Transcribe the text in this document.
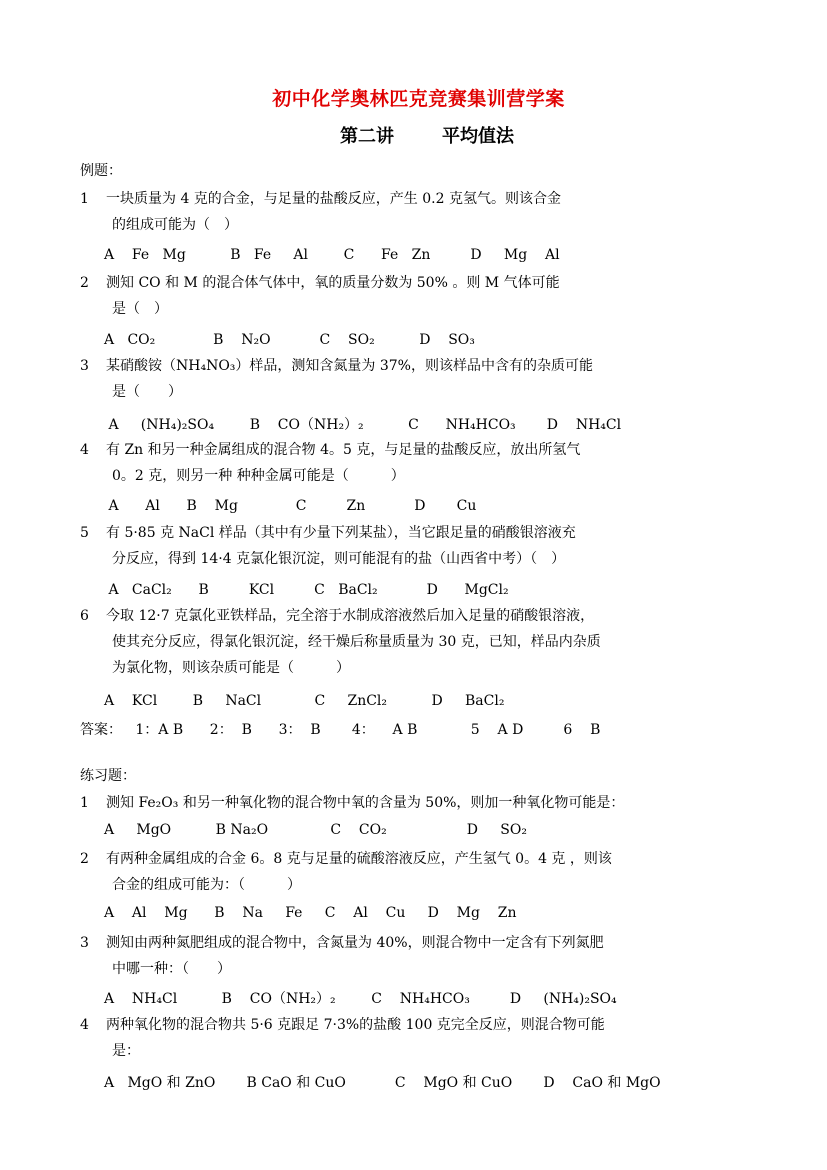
初中化学奥林匹克竞赛集训营学案
第二讲	平均值法
例题：
1 一块质量为 4 克的合金，与足量的盐酸反应，产生 0.2 克氢气。则该合金
的组成可能为（　）
A    Fe   Mg          B   Fe     Al        C      Fe   Zn         D     Mg    Al
2 测知 CO 和 M 的混合体气体中，氧的质量分数为 50% 。则 M 气体可能
是（　）
A   CO₂             B    N₂O           C    SO₂          D    SO₃
3 某硝酸铵（NH₄NO₃）样品，测知含氮量为 37%，则该样品中含有的杂质可能
是（　　）
A     (NH₄)₂SO₄        B    CO（NH₂）₂          C      NH₄HCO₃       D    NH₄Cl
4 有 Zn 和另一种金属组成的混合物 4。5 克，与足量的盐酸反应，放出所氢气
0。2 克，则另一种 种种金属可能是（　　　）
A      Al      B    Mg             C         Zn           D       Cu
5 有 5·85 克 NaCl 样品（其中有少量下列某盐），当它跟足量的硝酸银溶液充
分反应，得到 14·4 克氯化银沉淀，则可能混有的盐（山西省中考）（　）
A   CaCl₂      B         KCl         C   BaCl₂           D      MgCl₂
6 今取 12·7 克氯化亚铁样品，完全溶于水制成溶液然后加入足量的硝酸银溶液，
使其充分反应，得氯化银沉淀，经干燥后称量质量为 30 克，已知，样品内杂质
为氯化物，则该杂质可能是（　　　）
A    KCl        B     NaCl            C     ZnCl₂          D     BaCl₂
答案：   1：A B      2：  B      3：  B       4：    A B            5    A D         6    B
练习题：
1 测知 Fe₂O₃ 和另一种氧化物的混合物中氧的含量为 50%，则加一种氧化物可能是：
A     MgO          B Na₂O              C    CO₂                  D     SO₂
2 有两种金属组成的合金 6。8 克与足量的硫酸溶液反应，产生氢气 0。4 克 ，则该
合金的组成可能为：（　　　）
A    Al    Mg      B    Na     Fe     C    Al    Cu     D    Mg    Zn
3 测知由两种氮肥组成的混合物中，含氮量为 40%，则混合物中一定含有下列氮肥
中哪一种：（　　）
A    NH₄Cl          B    CO（NH₂）₂        C    NH₄HCO₃         D     (NH₄)₂SO₄
4 两种氧化物的混合物共 5·6 克跟足 7·3%的盐酸 100 克完全反应，则混合物可能
是：
A   MgO 和 ZnO       B CaO 和 CuO           C    MgO 和 CuO       D    CaO 和 MgO
